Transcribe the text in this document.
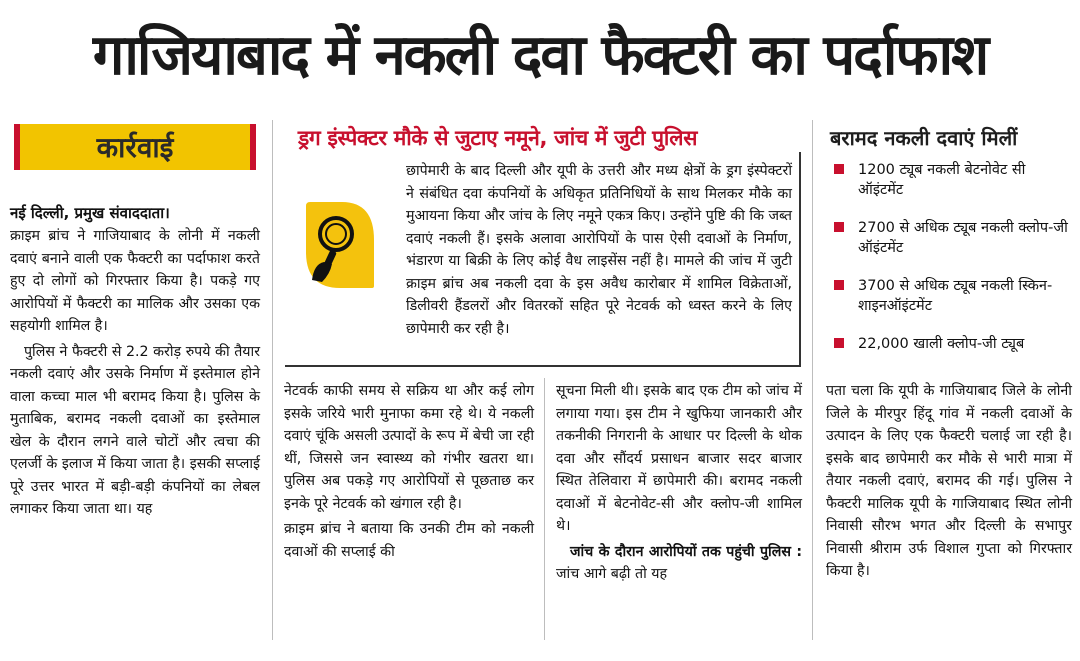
गाजियाबाद में नकली दवा फैक्टरी का पर्दाफाश
कार्रवाई
नई दिल्ली, प्रमुख संवाददाता।

क्राइम ब्रांच ने गाजियाबाद के लोनी में नकली दवाएं बनाने वाली एक फैक्टरी का पर्दाफाश करते हुए दो लोगों को गिरफ्तार किया है। पकड़े गए आरोपियों में फैक्टरी का मालिक और उसका एक सहयोगी शामिल है।

पुलिस ने फैक्टरी से 2.2 करोड़ रुपये की तैयार नकली दवाएं और उसके निर्माण में इस्तेमाल होने वाला कच्चा माल भी बरामद किया है। पुलिस के मुताबिक, बरामद नकली दवाओं का इस्तेमाल खेल के दौरान लगने वाले चोटों और त्वचा की एलर्जी के इलाज में किया जाता है। इसकी सप्लाई पूरे उत्तर भारत में बड़ी-बड़ी कंपनियों का लेबल लगाकर किया जाता था। यह

ड्रग इंस्पेक्टर मौके से जुटाए नमूने, जांच में जुटी पुलिस
छापेमारी के बाद दिल्ली और यूपी के उत्तरी और मध्य क्षेत्रों के ड्रग इंस्पेक्टरों ने संबंधित दवा कंपनियों के अधिकृत प्रतिनिधियों के साथ मिलकर मौके का मुआयना किया और जांच के लिए नमूने एकत्र किए। उन्होंने पुष्टि की कि जब्त दवाएं नकली हैं। इसके अलावा आरोपियों के पास ऐसी दवाओं के निर्माण, भंडारण या बिक्री के लिए कोई वैध लाइसेंस नहीं है। मामले की जांच में जुटी क्राइम ब्रांच अब नकली दवा के इस अवैध कारोबार में शामिल विक्रेताओं, डिलीवरी हैंडलरों और वितरकों सहित पूरे नेटवर्क को ध्वस्त करने के लिए छापेमारी कर रही है।
बरामद नकली दवाएं मिलीं
1200 ट्यूब नकली बेटनोवेट सी ऑइंटमेंट
2700 से अधिक ट्यूब नकली क्लोप-जी ऑइंटमेंट
3700 से अधिक ट्यूब नकली स्किन-शाइनऑइंटमेंट
22,000 खाली क्लोप-जी ट्यूब

नेटवर्क काफी समय से सक्रिय था और कई लोग इसके जरिये भारी मुनाफा कमा रहे थे। ये नकली दवाएं चूंकि असली उत्पादों के रूप में बेची जा रही थीं, जिससे जन स्वास्थ्य को गंभीर खतरा था। पुलिस अब पकड़े गए आरोपियों से पूछताछ कर इनके पूरे नेटवर्क को खंगाल रही है।

क्राइम ब्रांच ने बताया कि उनकी टीम को नकली दवाओं की सप्लाई की

सूचना मिली थी। इसके बाद एक टीम को जांच में लगाया गया। इस टीम ने खुफिया जानकारी और तकनीकी निगरानी के आधार पर दिल्ली के थोक दवा और सौंदर्य प्रसाधन बाजार सदर बाजार स्थित तेलिवारा में छापेमारी की। बरामद नकली दवाओं में बेटनोवेट-सी और क्लोप-जी शामिल थे।

जांच के दौरान आरोपियों तक पहुंची पुलिस : जांच आगे बढ़ी तो यह

पता चला कि यूपी के गाजियाबाद जिले के लोनी जिले के मीरपुर हिंदू गांव में नकली दवाओं के उत्पादन के लिए एक फैक्टरी चलाई जा रही है। इसके बाद छापेमारी कर मौके से भारी मात्रा में तैयार नकली दवाएं, बरामद की गई। पुलिस ने फैक्टरी मालिक यूपी के गाजियाबाद स्थित लोनी निवासी सौरभ भगत और दिल्ली के सभापुर निवासी श्रीराम उर्फ विशाल गुप्ता को गिरफ्तार किया है।
